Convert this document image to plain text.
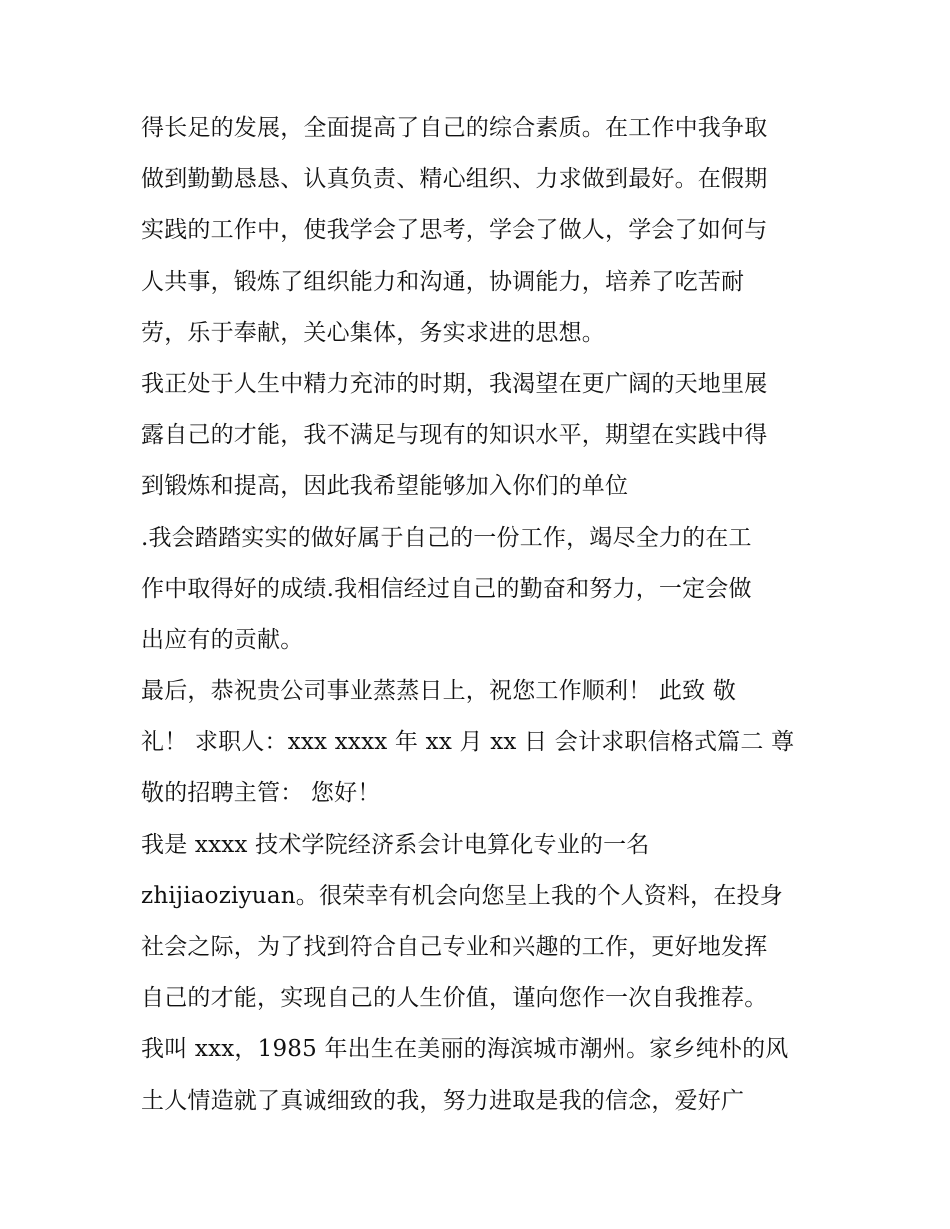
得长足的发展，全面提高了自己的综合素质。在工作中我争取
做到勤勤恳恳、认真负责、精心组织、力求做到最好。在假期
实践的工作中，使我学会了思考，学会了做人，学会了如何与
人共事，锻炼了组织能力和沟通，协调能力，培养了吃苦耐
劳，乐于奉献，关心集体，务实求进的思想。
我正处于人生中精力充沛的时期，我渴望在更广阔的天地里展
露自己的才能，我不满足与现有的知识水平，期望在实践中得
到锻炼和提高，因此我希望能够加入你们的单位
.我会踏踏实实的做好属于自己的一份工作，竭尽全力的在工
作中取得好的成绩.我相信经过自己的勤奋和努力，一定会做
出应有的贡献。
最后，恭祝贵公司事业蒸蒸日上，祝您工作顺利！ 此致 敬
礼！ 求职人：xxx xxxx 年 xx 月 xx 日 会计求职信格式篇二 尊
敬的招聘主管： 您好！
我是 xxxx 技术学院经济系会计电算化专业的一名
zhijiaoziyuan。很荣幸有机会向您呈上我的个人资料，在投身
社会之际，为了找到符合自己专业和兴趣的工作，更好地发挥
自己的才能，实现自己的人生价值，谨向您作一次自我推荐。
我叫 xxx，1985 年出生在美丽的海滨城市潮州。家乡纯朴的风
土人情造就了真诚细致的我，努力进取是我的信念，爱好广
